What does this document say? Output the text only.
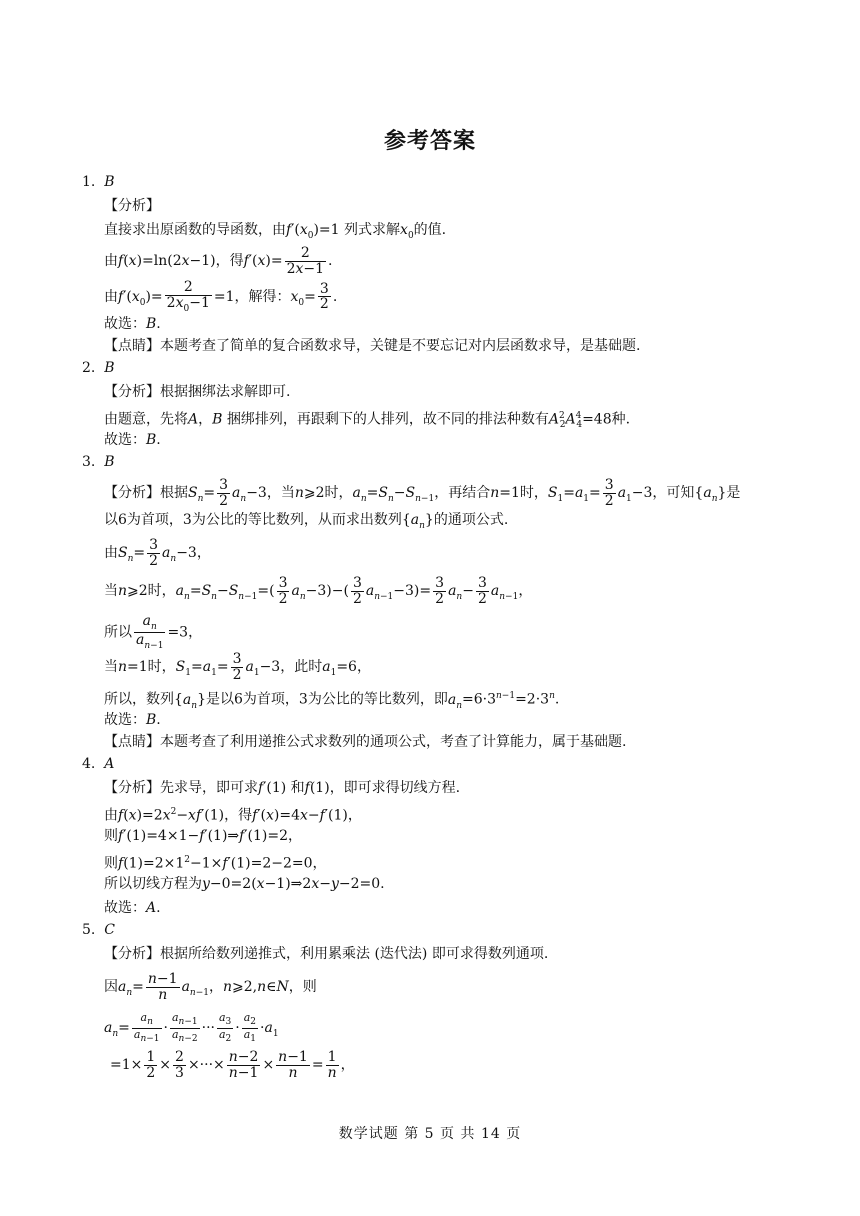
参考答案
1. B
【分析】
直接求出原函数的导函数，由$f'(x_0)=1$ 列式求解$x_0$的值.
由f(x)=ln(2x−1)，得$f'(x)= \frac{2}{2x-1}$ .
由$f'(x_0)= \frac{2}{2x_0-1} =1$，解得：$x_0= \frac{3}{2}$ .
故选：B.
【点睛】本题考查了简单的复合函数求导，关键是不要忘记对内层函数求导，是基础题.
2. B
【分析】根据捆绑法求解即可.
由题意，先将A，B 捆绑排列，再跟剩下的人排列，故不同的排法种数有$A^2_2A^4_4=48$种.
故选：B.
3. B
【分析】根据$S_n= \frac{3}{2} a_n-3$，当n⩾2时，$a_n=S_n-S_{n-1}$，再结合n=1时，$S_1=a_1= \frac{3}{2} a_1-3$，可知$\{a_n\}$是
以6为首项，3为公比的等比数列，从而求出数列$\{a_n\}$的通项公式.
由$S_n= \frac{3}{2} a_n-3$，
当n⩾2时，$a_n=S_n-S_{n-1}=( \frac{3}{2} a_n-3)-( \frac{3}{2} a_{n-1}-3)= \frac{3}{2} a_n- \frac{3}{2} a_{n-1}$，
所以 $\frac{a_n}{a_{n-1}} =3$，
当n=1时，$S_1=a_1= \frac{3}{2} a_1-3$，此时$a_1=6$，
所以，数列$\{a_n\}$是以6为首项，3为公比的等比数列，即$a_n=6\cdot 3^{n-1}=2\cdot 3^n$.
故选：B.
【点睛】本题考查了利用递推公式求数列的通项公式，考查了计算能力，属于基础题.
4. A
【分析】先求导，即可求f′(1) 和f(1)，即可求得切线方程.
由$f(x)=2x^2-xf'(1)$，得f′(x)=4x−f′(1)，
则f′(1)=4×1−f′(1)⇒f′(1)=2，
则$f(1)=2\times 1^2-1\times f'(1)=2-2=0$，
所以切线方程为y−0=2(x−1)⇒2x−y−2=0.
故选：A.
5. C
【分析】根据所给数列递推式，利用累乘法 (迭代法) 即可求得数列通项.
因$a_n= \frac{n-1}{n} a_{n-1}$，n⩾2,n∈N，则
$a_n= \frac{a_n}{a_{n-1}} \cdot \frac{a_{n-1}}{a_{n-2}}$ ··· $\frac{a_3}{a_2} \cdot \frac{a_2}{a_1} \cdot a_1$
$=1\times \frac{1}{2} \times \frac{2}{3}$ ×···× $\frac{n-2}{n-1} \times \frac{n-1}{n} = \frac{1}{n}$ ，
数学试题 第 5 页 共 14 页
